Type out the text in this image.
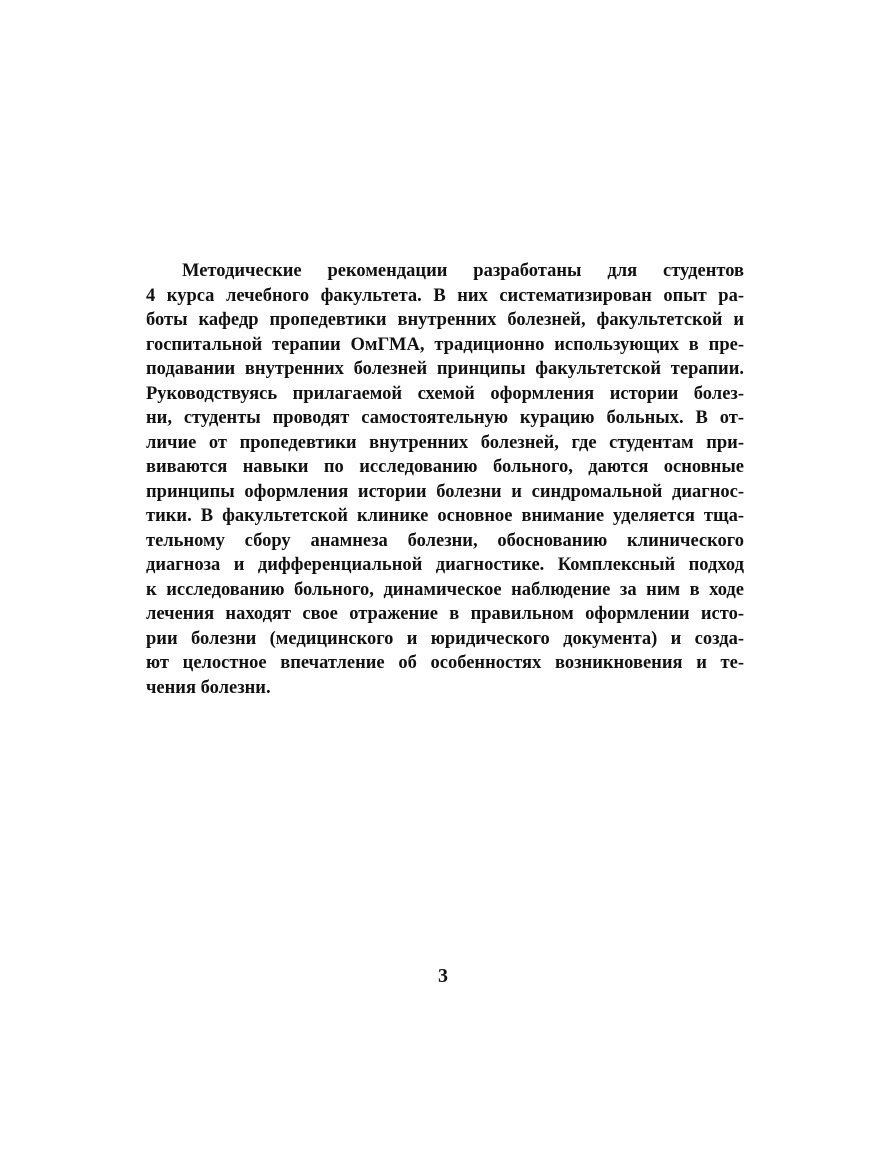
Методические рекомендации разработаны для студентов
4 курса лечебного факультета. В них систематизирован опыт ра-
боты кафедр пропедевтики внутренних болезней, факультетской и
госпитальной терапии ОмГМА, традиционно использующих в пре-
подавании внутренних болезней принципы факультетской терапии.
Руководствуясь прилагаемой схемой оформления истории болез-
ни, студенты проводят самостоятельную курацию больных. В от-
личие от пропедевтики внутренних болезней, где студентам при-
виваются навыки по исследованию больного, даются основные
принципы оформления истории болезни и синдромальной диагнос-
тики. В факультетской клинике основное внимание уделяется тща-
тельному сбору анамнеза болезни, обоснованию клинического
диагноза и дифференциальной диагностике. Комплексный подход
к исследованию больного, динамическое наблюдение за ним в ходе
лечения находят свое отражение в правильном оформлении исто-
рии болезни (медицинского и юридического документа) и созда-
ют целостное впечатление об особенностях возникновения и те-
чения болезни.
3
